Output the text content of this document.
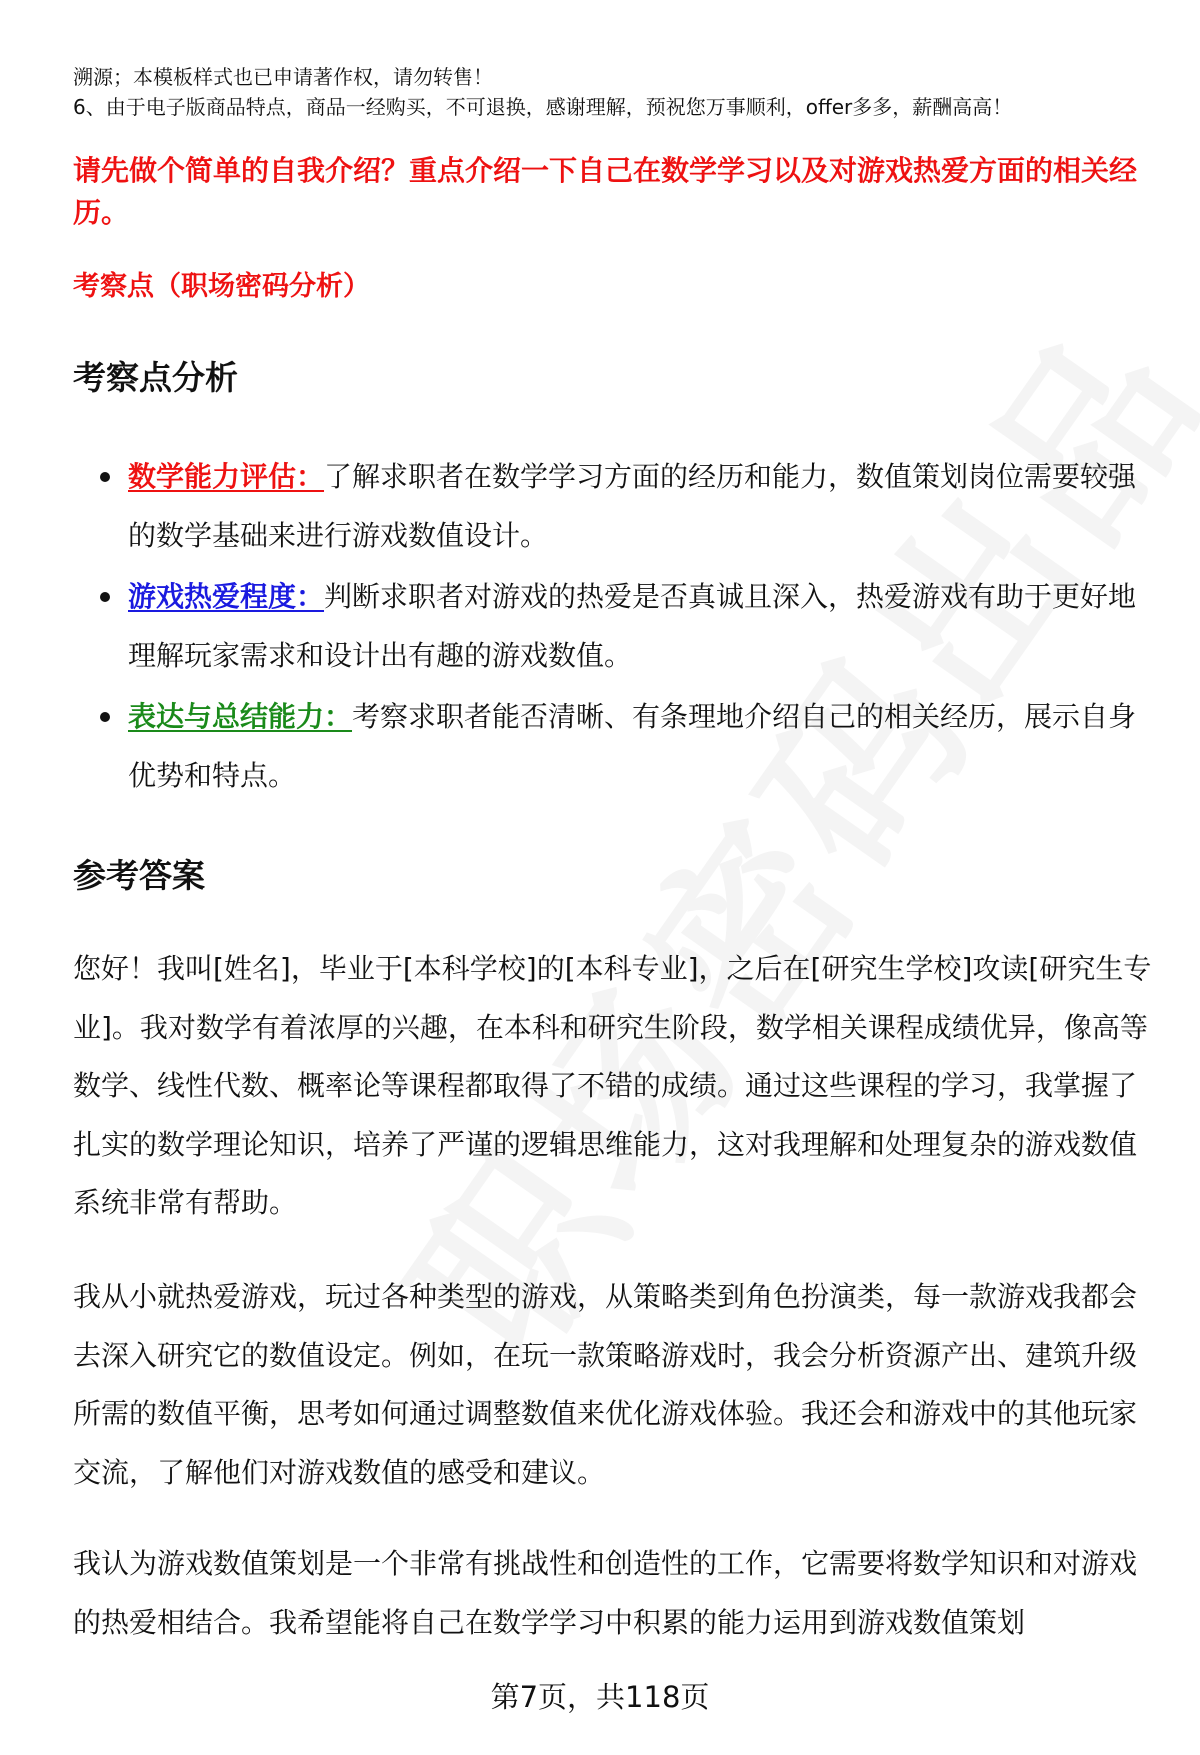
溯源；本模板样式也已申请著作权，请勿转售！
6、由于电子版商品特点，商品一经购买，不可退换，感谢理解，预祝您万事顺利，offer多多，薪酬高高！
请先做个简单的自我介绍？重点介绍一下自己在数学学习以及对游戏热爱方面的相关经历。
考察点（职场密码分析）
考察点分析
数学能力评估：了解求职者在数学学习方面的经历和能力，数值策划岗位需要较强的数学基础来进行游戏数值设计。
游戏热爱程度：判断求职者对游戏的热爱是否真诚且深入，热爱游戏有助于更好地理解玩家需求和设计出有趣的游戏数值。
表达与总结能力：考察求职者能否清晰、有条理地介绍自己的相关经历，展示自身优势和特点。
参考答案
您好！我叫[姓名]，毕业于[本科学校]的[本科专业]，之后在[研究生学校]攻读[研究生专业]。我对数学有着浓厚的兴趣，在本科和研究生阶段，数学相关课程成绩优异，像高等数学、线性代数、概率论等课程都取得了不错的成绩。通过这些课程的学习，我掌握了扎实的数学理论知识，培养了严谨的逻辑思维能力，这对我理解和处理复杂的游戏数值系统非常有帮助。
我从小就热爱游戏，玩过各种类型的游戏，从策略类到角色扮演类，每一款游戏我都会去深入研究它的数值设定。例如，在玩一款策略游戏时，我会分析资源产出、建筑升级所需的数值平衡，思考如何通过调整数值来优化游戏体验。我还会和游戏中的其他玩家交流，了解他们对游戏数值的感受和建议。
我认为游戏数值策划是一个非常有挑战性和创造性的工作，它需要将数学知识和对游戏的热爱相结合。我希望能将自己在数学学习中积累的能力运用到游戏数值策划
第7页，共118页
